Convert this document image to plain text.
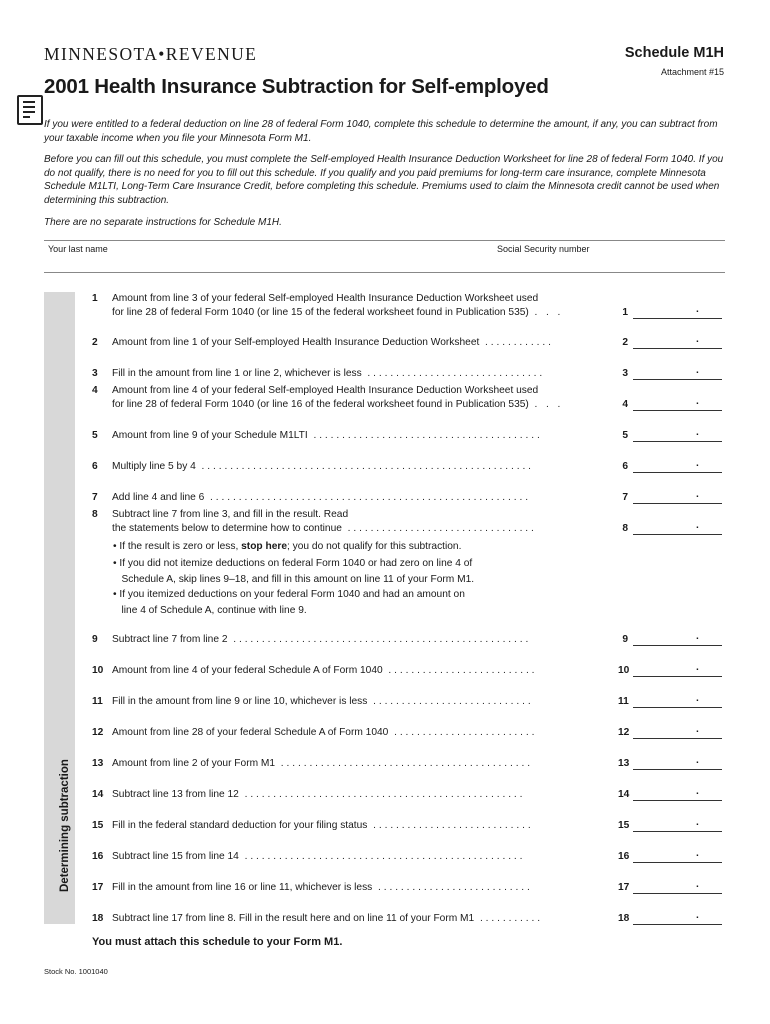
MINNESOTA•REVENUE	Schedule M1H
Attachment #15
2001 Health Insurance Subtraction for Self-employed

If you were entitled to a federal deduction on line 28 of federal Form 1040, complete this schedule to determine the amount, if any, you can subtract from your taxable income when you file your Minnesota Form M1.

Before you can fill out this schedule, you must complete the Self-employed Health Insurance Deduction Worksheet for line 28 of federal Form 1040. If you do not qualify, there is no need for you to fill out this schedule. If you qualify and you paid premiums for long-term care insurance, complete Minnesota Schedule M1LTI, Long-Term Care Insurance Credit, before completing this schedule. Premiums used to claim the Minnesota credit cannot be used when determining this subtraction.

There are no separate instructions for Schedule M1H.

Your last name	Social Security number
Determining subtraction
1 Amount from line 3 of your federal Self-employed Health Insurance Deduction Worksheet used
for line 28 of federal Form 1040 (or line 15 of the federal worksheet found in Publication 535) . . .	1	.
2 Amount from line 1 of your Self-employed Health Insurance Deduction Worksheet ............	2	.
3 Fill in the amount from line 1 or line 2, whichever is less ...............................	3	.
4 Amount from line 4 of your federal Self-employed Health Insurance Deduction Worksheet used
for line 28 of federal Form 1040 (or line 16 of the federal worksheet found in Publication 535) . . .	4	.
5 Amount from line 9 of your Schedule M1LTI ........................................	5	.
6 Multiply line 5 by 4 ..........................................................	6	.
7 Add line 4 and line 6 ........................................................	7	.
8 Subtract line 7 from line 3, and fill in the result. Read
the statements below to determine how to continue .................................	8	.
9 Subtract line 7 from line 2 ....................................................	9	.
10 Amount from line 4 of your federal Schedule A of Form 1040 ..........................	10	.
11 Fill in the amount from line 9 or line 10, whichever is less ............................	11	.
12 Amount from line 28 of your federal Schedule A of Form 1040 .........................	12	.
13 Amount from line 2 of your Form M1 ............................................	13	.
14 Subtract line 13 from line 12 .................................................	14	.
15 Fill in the federal standard deduction for your filing status ............................	15	.
16 Subtract line 15 from line 14 .................................................	16	.
17 Fill in the amount from line 16 or line 11, whichever is less ...........................	17	.
18 Subtract line 17 from line 8. Fill in the result here and on line 11 of your Form M1 ...........	18	.
• If the result is zero or less, stop here; you do not qualify for this subtraction.
• If you did not itemize deductions on federal Form 1040 or had zero on line 4 of
Schedule A, skip lines 9–18, and fill in this amount on line 11 of your Form M1.
• If you itemized deductions on your federal Form 1040 and had an amount on
line 4 of Schedule A, continue with line 9.
You must attach this schedule to your Form M1.
Stock No. 1001040
